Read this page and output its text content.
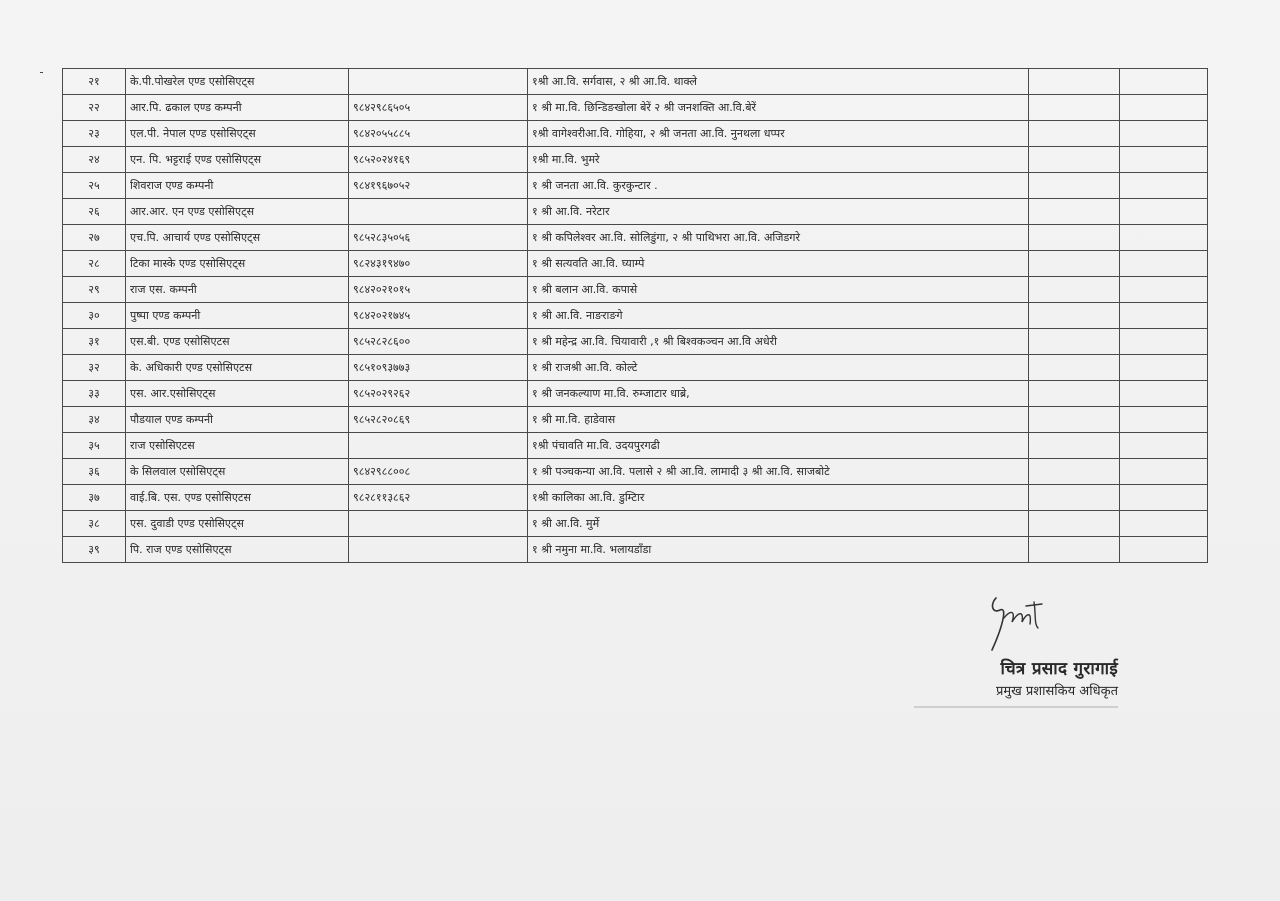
२१	के.पी.पोखरेल एण्ड एसोसिएट्स		१श्री आ.वि. सर्गवास, २ श्री आ.वि. थाक्ले		
२२	आर.पि. ढकाल एण्ड कम्पनी	९८४२९८६५०५	१ श्री मा.वि. छिन्डिङखोला बेरें २ श्री जनशक्ति आ.वि.बेरें		
२३	एल.पी. नेपाल एण्ड एसोसिएट्स	९८४२०५५८८५	१श्री वागेश्वरीआ.वि. गोहिया, २ श्री जनता आ.वि. नुनथला धप्पर		
२४	एन. पि. भट्टराई एण्ड एसोसिएट्स	९८५२०२४१६९	१श्री मा.वि. भुमरे		
२५	शिवराज एण्ड कम्पनी	९८४१९६७०५२	१ श्री जनता आ.वि. कुरकुन्टार .		
२६	आर.आर. एन एण्ड एसोसिएट्स		१ श्री आ.वि. नरेटार		
२७	एच.पि. आचार्य एण्ड एसोसिएट्स	९८५२८३५०५६	१ श्री कपिलेश्वर आ.वि. सोलिडुंगा, २ श्री पाथिभरा आ.वि. अजिडगरे		
२८	टिका मास्के एण्ड एसोसिएट्स	९८२४३१९४७०	१ श्री सत्यवति आ.वि. घ्याम्पे		
२९	राज एस. कम्पनी	९८४२०२१०१५	१ श्री बलान आ.वि. कपासे		
३०	पुष्पा एण्ड कम्पनी	९८४२०२१७४५	१ श्री आ.वि. नाङराङगे		
३१	एस.बी. एण्ड एसोसिएटस	९८५२८२८६००	१ श्री महेन्द्र आ.वि. चियावारी ,१ श्री बिश्वकञ्चन आ.वि अधेरी		
३२	के. अधिकारी एण्ड एसोसिएटस	९८५१०९३७७३	१ श्री राजश्री आ.वि. कोल्टे		
३३	एस. आर.एसोसिएट्स	९८५२०२९२६२	१ श्री जनकल्याण मा.वि. रुम्जाटार धाब्रे,		
३४	पौडयाल एण्ड कम्पनी	९८५२८२०८६९	१ श्री मा.वि. हाडेवास		
३५	राज एसोसिएटस		१श्री पंचावति मा.वि. उदयपुरगढी		
३६	के सिलवाल एसोसिएट्स	९८४२९८८००८	१ श्री पञ्चकन्या आ.वि. पलासे २ श्री आ.वि. लामादी ३ श्री आ.वि. साजबोटे		
३७	वाई.बि. एस. एण्ड एसोसिएटस	९८२८११३८६२	१श्री कालिका आ.वि. डुम्टिार		
३८	एस. दुवाडी एण्ड एसोसिएट्स		१ श्री आ.वि. मुर्मे		
३९	पि. राज एण्ड एसोसिएट्स		१ श्री नमुना मा.वि. भलायडाँडा		
चित्र प्रसाद गुरागाई
प्रमुख प्रशासकिय अधिकृत
